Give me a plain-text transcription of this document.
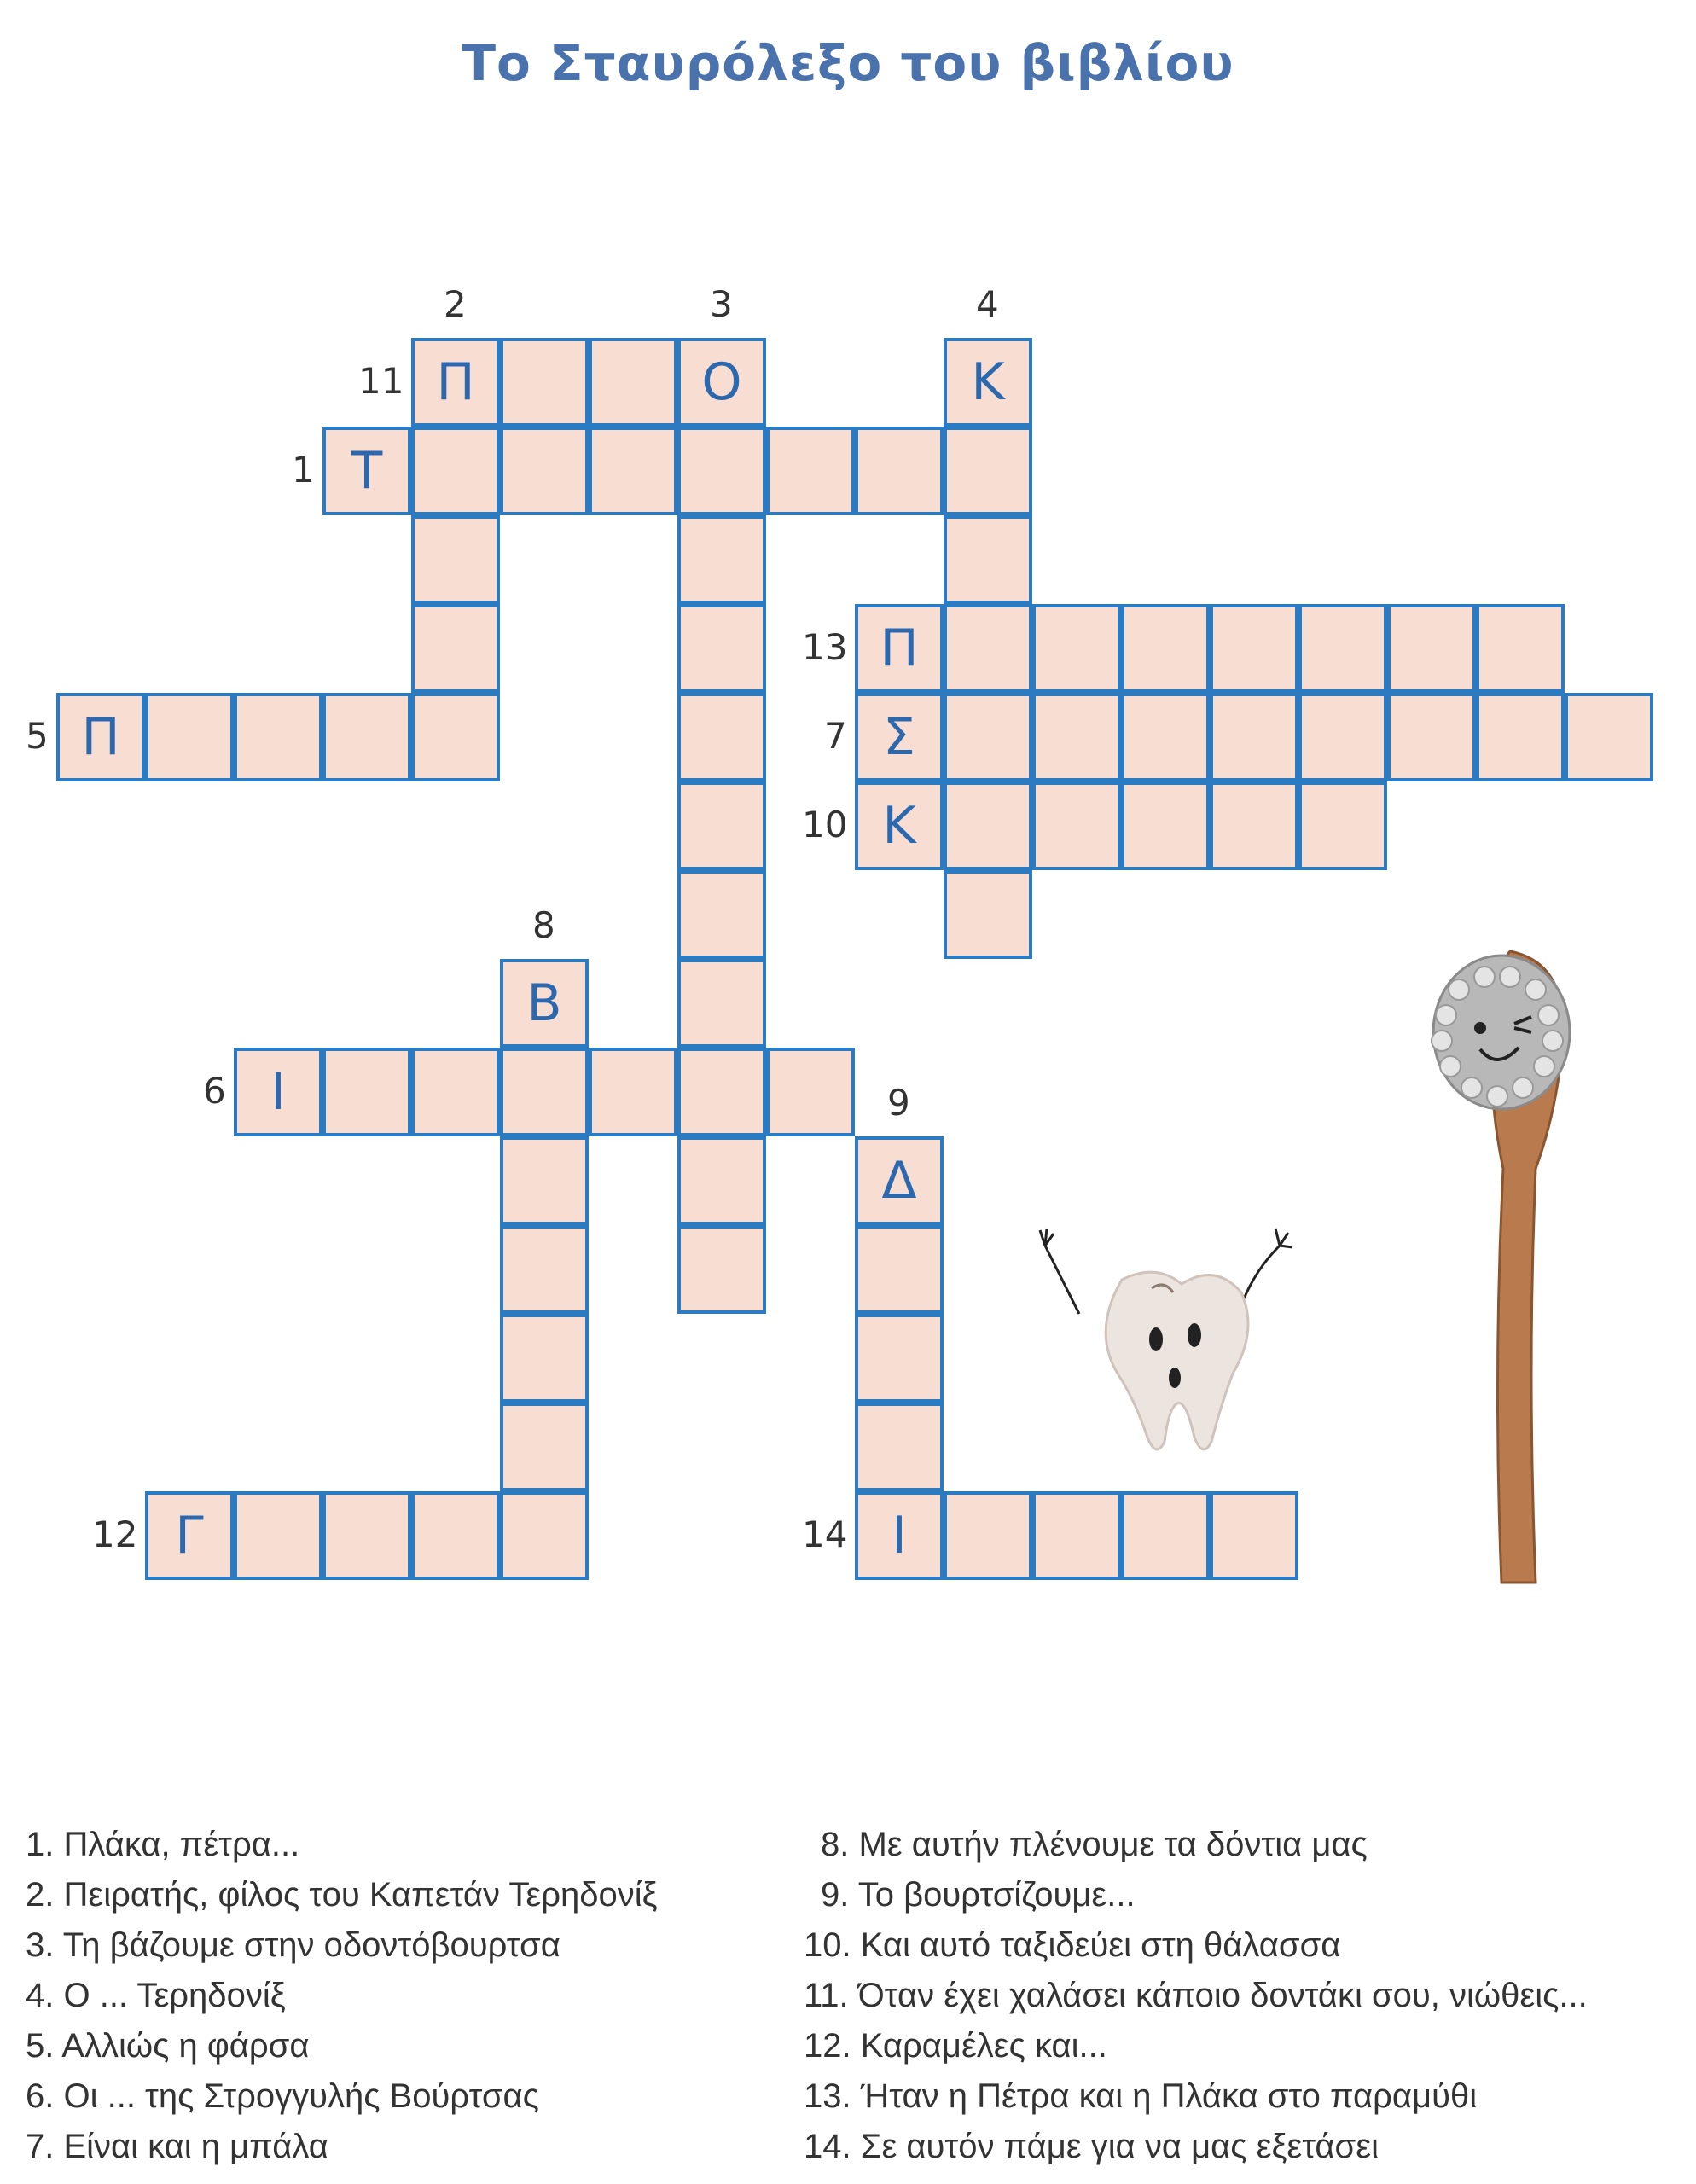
Το Σταυρόλεξο του βιβλίου
Π	Ο	Κ
Τ
Π
Π	Σ
Κ
Β
Ι
Δ
Γ	Ι
2	3	4
11
1
13
5	7
10
8
6	9
12	14
1. Πλάκα, πέτρα...
2. Πειρατής, φίλος του Καπετάν Τερηδονίξ
3. Τη βάζουμε στην οδοντόβουρτσα
4. Ο ... Τερηδονίξ
5. Αλλιώς η φάρσα
6. Οι ... της Στρογγυλής Βούρτσας
7. Είναι και η μπάλα
8. Με αυτήν πλένουμε τα δόντια μας
9. Το βουρτσίζουμε...
10. Και αυτό ταξιδεύει στη θάλασσα
11. Όταν έχει χαλάσει κάποιο δοντάκι σου, νιώθεις...
12. Καραμέλες και...
13. Ήταν η Πέτρα και η Πλάκα στο παραμύθι
14. Σε αυτόν πάμε για να μας εξετάσει
